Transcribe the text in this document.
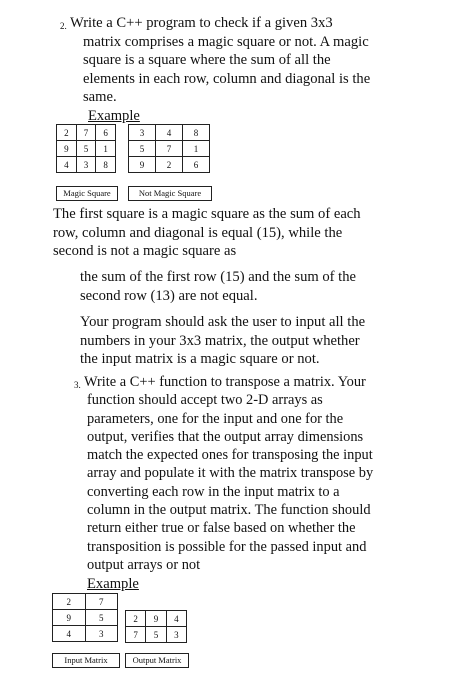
2. Write a C++ program to check if a given 3x3
matrix comprises a magic square or not. A magic
square is a square where the sum of all the
elements in each row, column and diagonal is the
same.
Example
2	7	6
9	5	1
4	3	8
Magic Square
3	4	8
5	7	1
9	2	6
Not Magic Square
The first square is a magic square as the sum of each
row, column and diagonal is equal (15), while the
second is not a magic square as
the sum of the first row (15) and the sum of the
second row (13) are not equal.
Your program should ask the user to input all the
numbers in your 3x3 matrix, the output whether
the input matrix is a magic square or not.
3. Write a C++ function to transpose a matrix. Your
function should accept two 2-D arrays as
parameters, one for the input and one for the
output, verifies that the output array dimensions
match the expected ones for transposing the input
array and populate it with the matrix transpose by
converting each row in the input matrix to a
column in the output matrix. The function should
return either true or false based on whether the
transposition is possible for the passed input and
output arrays or not
Example
2	7
9	5
4	3
Input Matrix
2	9	4
7	5	3
Output Matrix
